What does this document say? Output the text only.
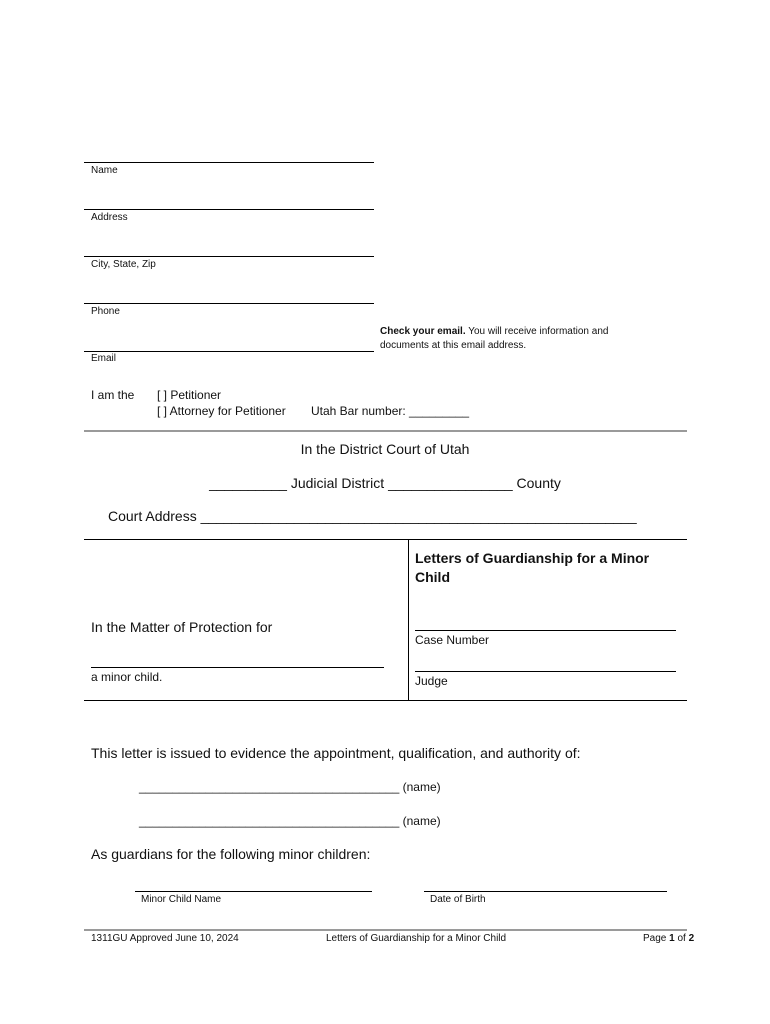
Name
Address
City, State, Zip
Phone
Email
Check your email. You will receive information and
documents at this email address.
I am the [ ] Petitioner
[ ] Attorney for Petitioner Utah Bar number: _________
In the District Court of Utah
__________ Judicial District ________________ County
Court Address ________________________________________________________
Letters of Guardianship for a Minor
Child
In the Matter of Protection for
a minor child.
Case Number
Judge
This letter is issued to evidence the appointment, qualification, and authority of:
_______________________________________ (name)
_______________________________________ (name)
As guardians for the following minor children:
Minor Child Name	Date of Birth
1311GU Approved June 10, 2024	Letters of Guardianship for a Minor Child	Page 1 of 2
